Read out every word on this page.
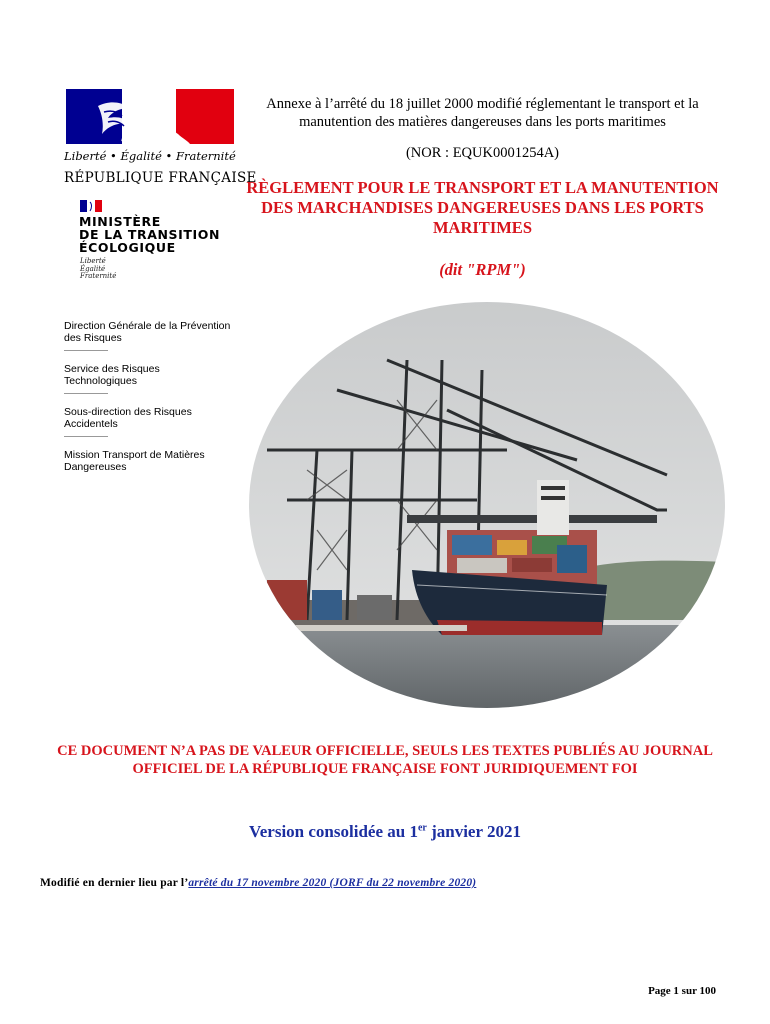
Liberté • Égalité • Fraternité
RÉPUBLIQUE FRANÇAISE
MINISTÈRE
DE LA TRANSITION
ÉCOLOGIQUE
Liberté
Égalité
Fraternité
Direction Générale de la Prévention des Risques
Service des Risques Technologiques
Sous-direction des Risques Accidentels
Mission Transport de Matières Dangereuses
Annexe à l’arrêté du 18 juillet 2000 modifié réglementant le transport et la manutention des matières dangereuses dans les ports maritimes
(NOR : EQUK0001254A)
RÈGLEMENT POUR LE TRANSPORT ET LA MANUTENTION DES MARCHANDISES DANGEREUSES DANS LES PORTS MARITIMES
(dit "RPM")
CE DOCUMENT N’A PAS DE VALEUR OFFICIELLE, SEULS LES TEXTES PUBLIÉS AU JOURNAL OFFICIEL DE LA RÉPUBLIQUE FRANÇAISE FONT JURIDIQUEMENT FOI
Version consolidée au 1er janvier 2021
Modifié en dernier lieu par l’arrêté du 17 novembre 2020 (JORF du 22 novembre 2020)
Page 1 sur 100
